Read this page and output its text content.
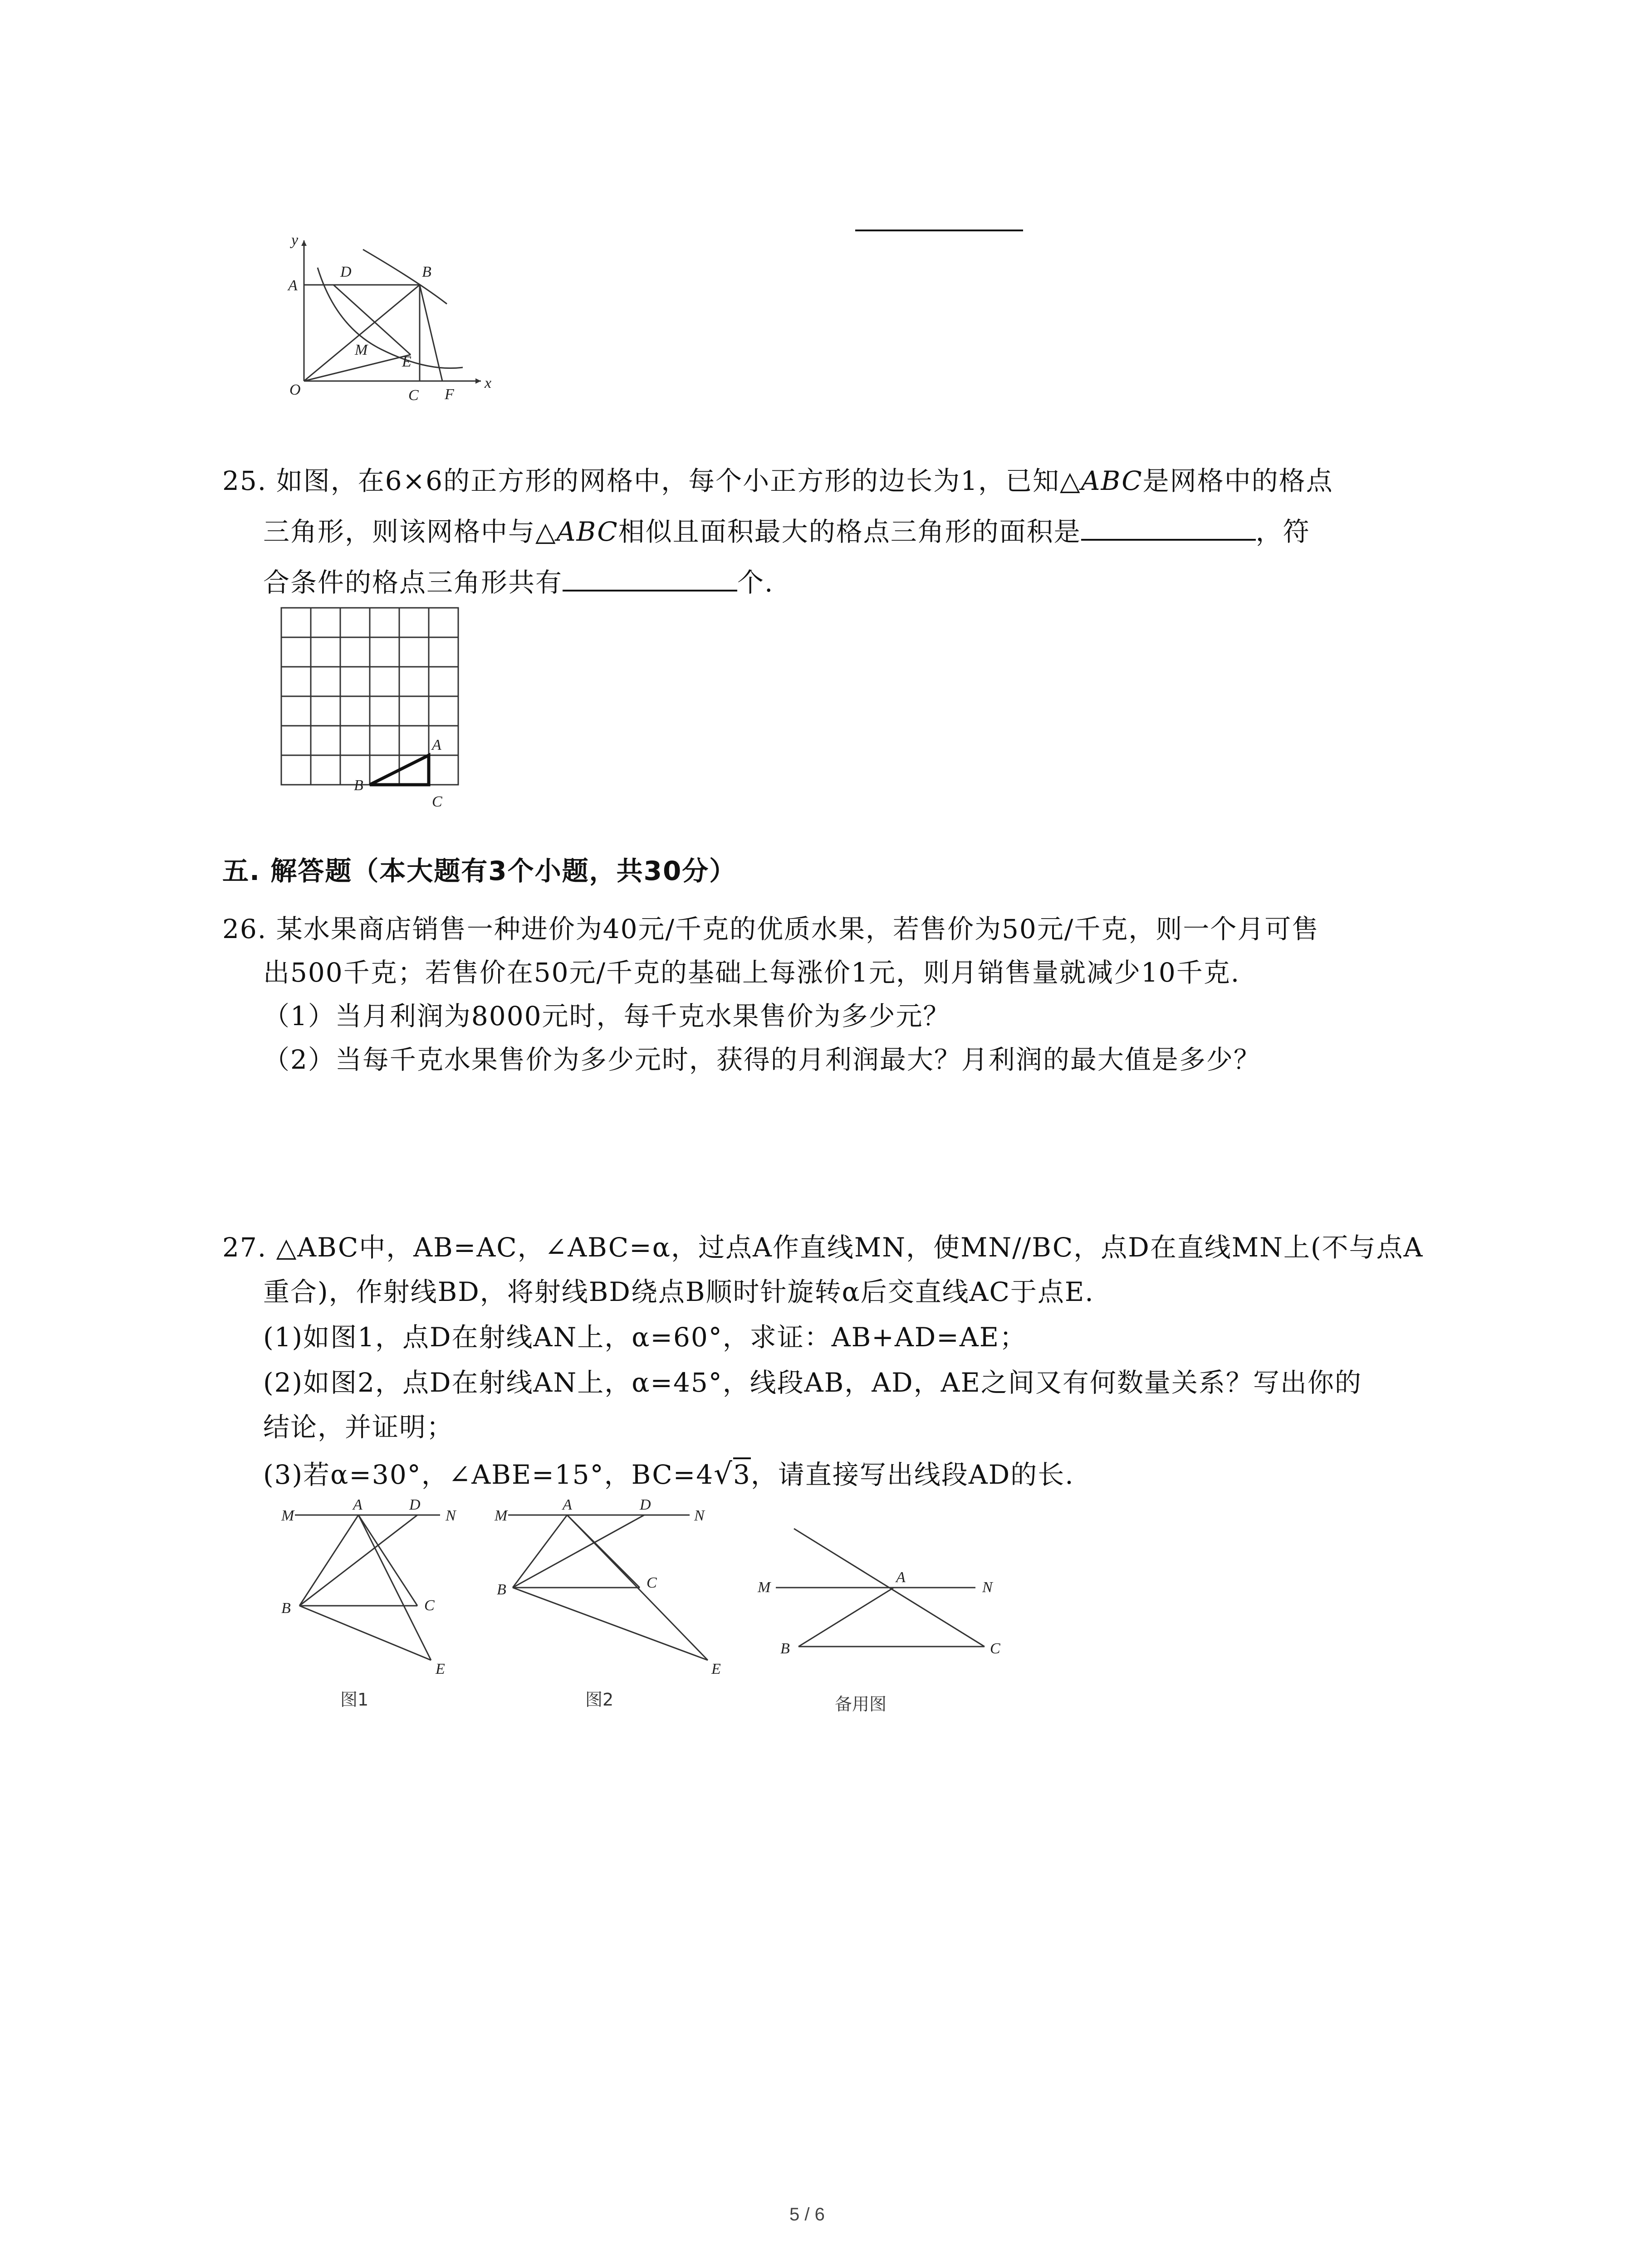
y
x
O
A
B
C
D
E
F
M
25. 如图，在6×6的正方形的网格中，每个小正方形的边长为1，已知△ABC是网格中的格点
三角形，则该网格中与△ABC相似且面积最大的格点三角形的面积是	，符
合条件的格点三角形共有	个.
A
B
C
五. 解答题（本大题有3个小题，共30分）
26. 某水果商店销售一种进价为40元/千克的优质水果，若售价为50元/千克，则一个月可售
出500千克；若售价在50元/千克的基础上每涨价1元，则月销售量就减少10千克.
（1）当月利润为8000元时，每千克水果售价为多少元？
（2）当每千克水果售价为多少元时，获得的月利润最大？月利润的最大值是多少？
27. △ABC中，AB=AC，∠ABC=α，过点A作直线MN，使MN//BC，点D在直线MN上(不与点A
重合)，作射线BD，将射线BD绕点B顺时针旋转α后交直线AC于点E.
(1)如图1，点D在射线AN上，α=60°，求证：AB+AD=AE；
(2)如图2，点D在射线AN上，α=45°，线段AB，AD，AE之间又有何数量关系？写出你的
结论，并证明；
(3)若α=30°，∠ABE=15°，BC=4√3，请直接写出线段AD的长.
M
A	D
N
B	C
E
图1
M
A	D
N
B	C
E
图2
M
A
N
B	C
备用图
5 / 6
